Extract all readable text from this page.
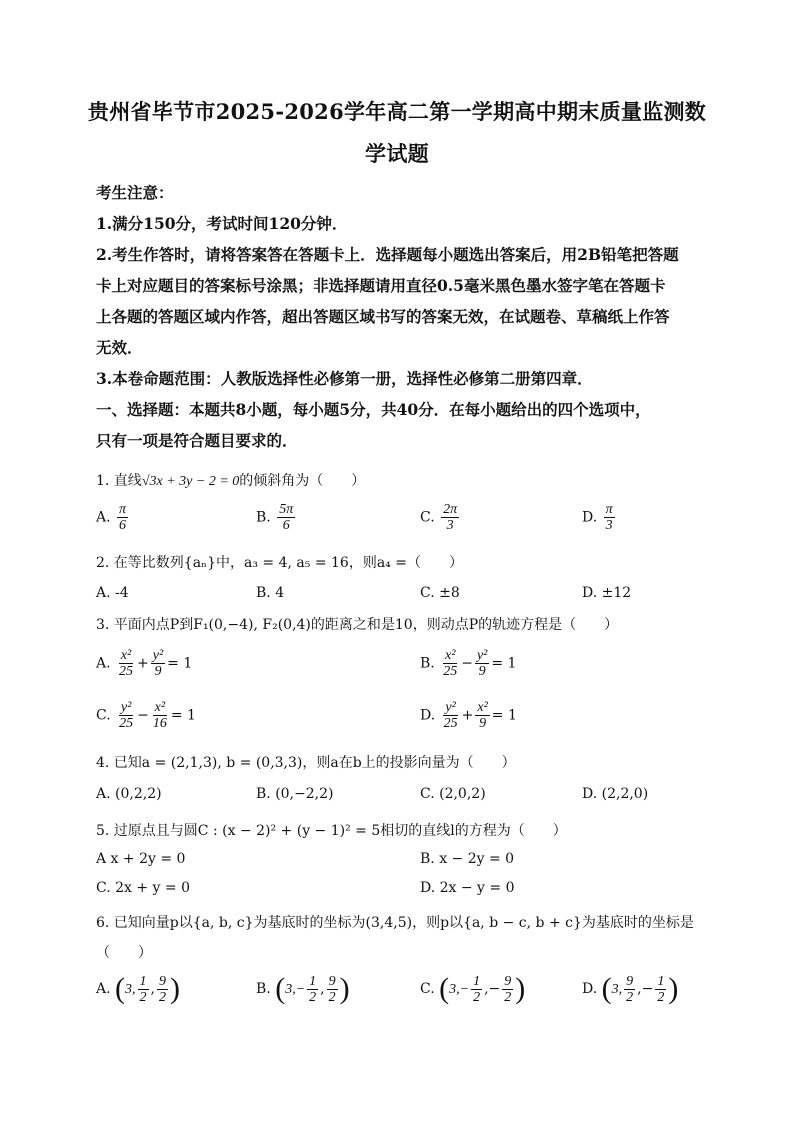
贵州省毕节市2025-2026学年高二第一学期高中期末质量监测数
学试题
考生注意：
1.满分150分，考试时间120分钟．
2.考生作答时，请将答案答在答题卡上．选择题每小题选出答案后，用2B铅笔把答题
卡上对应题目的答案标号涂黑；非选择题请用直径0.5毫米黑色墨水签字笔在答题卡
上各题的答题区域内作答，超出答题区域书写的答案无效，在试题卷、草稿纸上作答
无效．
3.本卷命题范围：人教版选择性必修第一册，选择性必修第二册第四章．
一、选择题：本题共8小题，每小题5分，共40分．在每小题给出的四个选项中，
只有一项是符合题目要求的．
1. 直线√3x + 3y − 2 = 0的倾斜角为（　　）
A. $\frac{\pi}{6}$	B. $\frac{5\pi}{6}$	C. $\frac{2\pi}{3}$	D. $\frac{\pi}{3}$
2. 在等比数列{aₙ}中，a₃ = 4, a₅ = 16，则a₄ =（　　）
A. -4	B. 4	C. ±8	D. ±12
3. 平面内点P到F₁(0,−4), F₂(0,4)的距离之和是10，则动点P的轨迹方程是（　　）
A. $\frac{\text{x²}}{25} + \frac{\text{y²}}{9} = 1$	B. $\frac{\text{x²}}{25} - \frac{\text{y²}}{9} = 1$
C. $\frac{\text{y²}}{25} - \frac{\text{x²}}{16} = 1$	D. $\frac{\text{y²}}{25} + \frac{\text{x²}}{9} = 1$
4. 已知a = (2,1,3), b = (0,3,3)，则a在b上的投影向量为（　　）
A. (0,2,2)	B. (0,−2,2)	C. (2,0,2)	D. (2,2,0)
5. 过原点且与圆C : (x − 2)² + (y − 1)² = 5相切的直线l的方程为（　　）
A x + 2y = 0	B. x − 2y = 0
C. 2x + y = 0	D. 2x − y = 0
6. 已知向量p以{a, b, c}为基底时的坐标为(3,4,5)，则p以{a, b − c, b + c}为基底时的坐标是
（　　）
A. (3, $\frac{1}{2}$ , $\frac{9}{2}$ )	B. ($3,- \frac{1}{2}$ , $\frac{9}{2}$ )	C. ($3,- \frac{1}{2}$ ,− $\frac{9}{2}$ )	D. (3, $\frac{9}{2}$ ,− $\frac{1}{2}$ )
